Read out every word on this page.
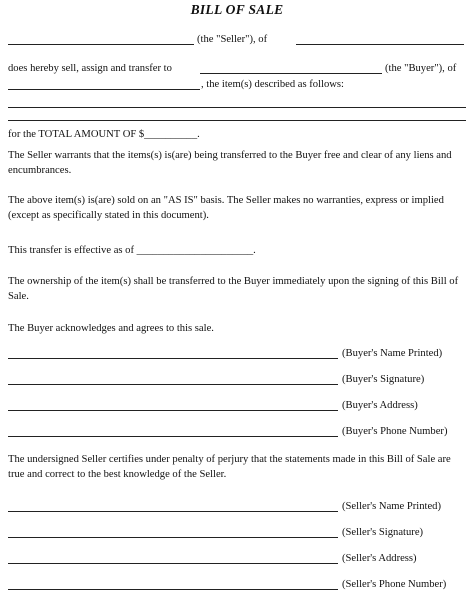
BILL OF SALE
(the "Seller"), of
does hereby sell, assign and transfer to	(the "Buyer"), of
, the item(s) described as follows:
for the TOTAL AMOUNT OF $__________.
The Seller warrants that the items(s) is(are) being transferred to the Buyer free and clear of any liens and encumbrances.
The above item(s) is(are) sold on an "AS IS" basis. The Seller makes no warranties, express or implied (except as specifically stated in this document).
This transfer is effective as of ______________________.
The ownership of the item(s) shall be transferred to the Buyer immediately upon the signing of this Bill of Sale.
The Buyer acknowledges and agrees to this sale.
(Buyer's Name Printed)
(Buyer's Signature)
(Buyer's Address)
(Buyer's Phone Number)
The undersigned Seller certifies under penalty of perjury that the statements made in this Bill of Sale are true and correct to the best knowledge of the Seller.
(Seller's Name Printed)
(Seller's Signature)
(Seller's Address)
(Seller's Phone Number)
